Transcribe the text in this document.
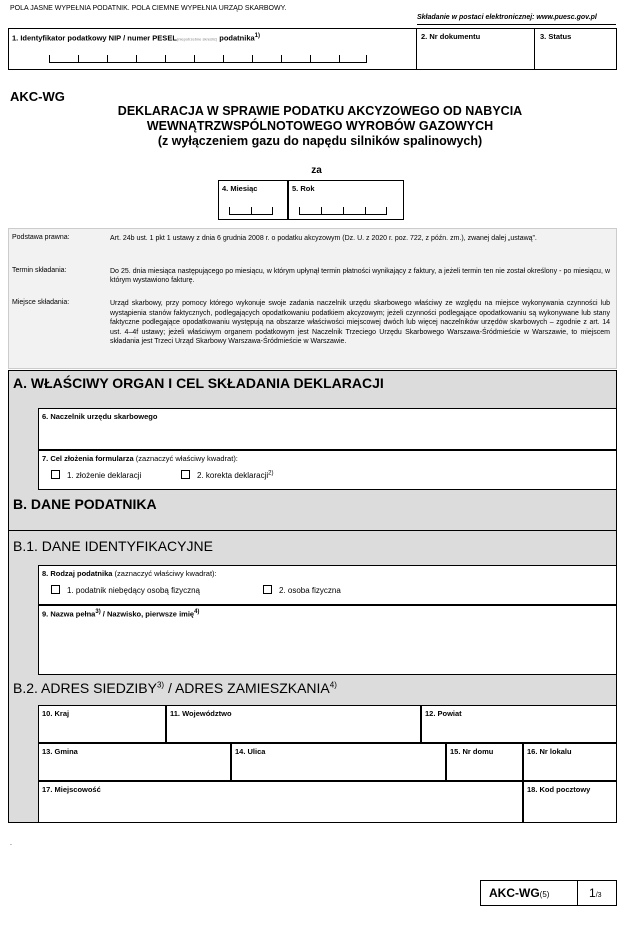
POLA JASNE WYPEŁNIA PODATNIK. POLA CIEMNE WYPEŁNIA URZĄD SKARBOWY.
Składanie w postaci elektronicznej: www.puesc.gov.pl
1. Identyfikator podatkowy NIP / numer PESEL(niepotrzebne skreślić) podatnika$^{1)}$	2. Nr dokumentu	3. Status
AKC-WG
DEKLARACJA W SPRAWIE PODATKU AKCYZOWEGO OD NABYCIA
WEWNĄTRZWSPÓLNOTOWEGO WYROBÓW GAZOWYCH
(z wyłączeniem gazu do napędu silników spalinowych)
za
4. Miesiąc	5. Rok
Podstawa prawna:	Art. 24b ust. 1 pkt 1 ustawy z dnia 6 grudnia 2008 r. o podatku akcyzowym (Dz. U. z 2020 r. poz. 722, z późn. zm.), zwanej dalej „ustawą”.
Termin składania:	Do 25. dnia miesiąca następującego po miesiącu, w którym upłynął termin płatności wynikający z faktury, a jeżeli termin ten nie został określony - po miesiącu, w którym wystawiono fakturę.
Miejsce składania:	Urząd skarbowy, przy pomocy którego wykonuje swoje zadania naczelnik urzędu skarbowego właściwy ze względu na miejsce wykonywania czynności lub wystąpienia stanów faktycznych, podlegających opodatkowaniu podatkiem akcyzowym; jeżeli czynności podlegające opodatkowaniu są wykonywane lub stany faktyczne podlegające opodatkowaniu występują na obszarze właściwości miejscowej dwóch lub więcej naczelników urzędów skarbowych – zgodnie z art. 14 ust. 4–4f ustawy; jeżeli właściwym organem podatkowym jest Naczelnik Trzeciego Urzędu Skarbowego Warszawa-Śródmieście w Warszawie, to miejscem składania jest Trzeci Urząd Skarbowy Warszawa-Śródmieście w Warszawie.
A. WŁAŚCIWY ORGAN I CEL SKŁADANIA DEKLARACJI
6. Naczelnik urzędu skarbowego
7. Cel złożenia formularza (zaznaczyć właściwy kwadrat):
1. złożenie deklaracji	2. korekta deklaracji$^{2)}$
B. DANE PODATNIKA
B.1. DANE IDENTYFIKACYJNE
8. Rodzaj podatnika (zaznaczyć właściwy kwadrat):
1. podatnik niebędący osobą fizyczną	2. osoba fizyczna
9. Nazwa pełna$^{3)}$ / Nazwisko, pierwsze imię$^{4)}$
B.2. ADRES SIEDZIBY$^{3)}$ / ADRES ZAMIESZKANIA$^{4)}$
10. Kraj	11. Województwo	12. Powiat
13. Gmina	14. Ulica	15. Nr domu	16. Nr lokalu
17. Miejscowość	18. Kod pocztowy
.
AKC-WG(5)	1/3
